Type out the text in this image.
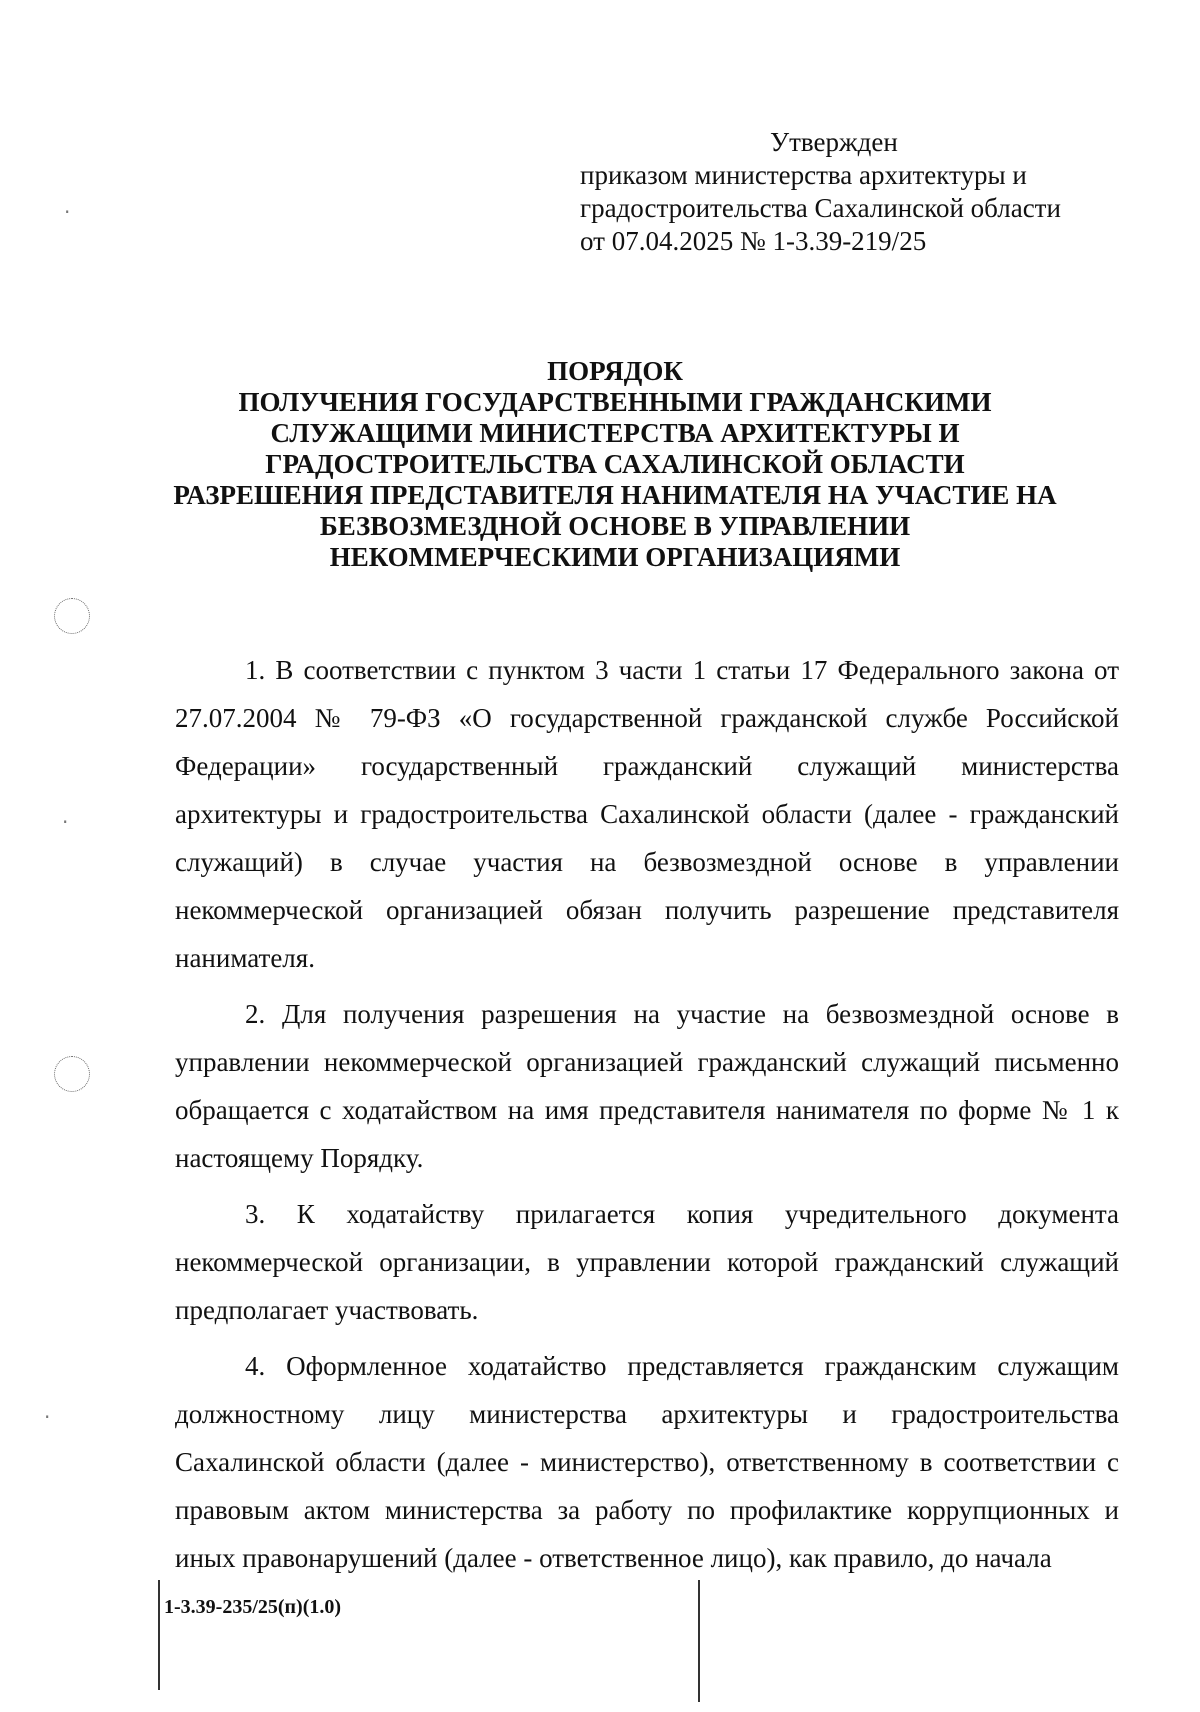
Утвержден
приказом министерства архитектуры и
градостроительства Сахалинской области
от 07.04.2025 № 1-3.39-219/25
ПОРЯДОК
ПОЛУЧЕНИЯ ГОСУДАРСТВЕННЫМИ ГРАЖДАНСКИМИ
СЛУЖАЩИМИ МИНИСТЕРСТВА АРХИТЕКТУРЫ И
ГРАДОСТРОИТЕЛЬСТВА САХАЛИНСКОЙ ОБЛАСТИ
РАЗРЕШЕНИЯ ПРЕДСТАВИТЕЛЯ НАНИМАТЕЛЯ НА УЧАСТИЕ НА
БЕЗВОЗМЕЗДНОЙ ОСНОВЕ В УПРАВЛЕНИИ
НЕКОММЕРЧЕСКИМИ ОРГАНИЗАЦИЯМИ

1. В соответствии с пунктом 3 части 1 статьи 17 Федерального закона от 27.07.2004 № 79-ФЗ «О государственной гражданской службе Российской Федерации» государственный гражданский служащий министерства архитектуры и градостроительства Сахалинской области (далее - гражданский служащий) в случае участия на безвозмездной основе в управлении некоммерческой организацией обязан получить разрешение представителя нанимателя.

2. Для получения разрешения на участие на безвозмездной основе в управлении некоммерческой организацией гражданский служащий письменно обращается с ходатайством на имя представителя нанимателя по форме № 1 к настоящему Порядку.

3. К ходатайству прилагается копия учредительного документа некоммерческой организации, в управлении которой гражданский служащий предполагает участвовать.

4. Оформленное ходатайство представляется гражданским служащим должностному лицу министерства архитектуры и градостроительства Сахалинской области (далее - министерство), ответственному в соответствии с правовым актом министерства за работу по профилактике коррупционных и иных правонарушений (далее - ответственное лицо), как правило, до начала

1-3.39-235/25(п)(1.0)
·
·
·
